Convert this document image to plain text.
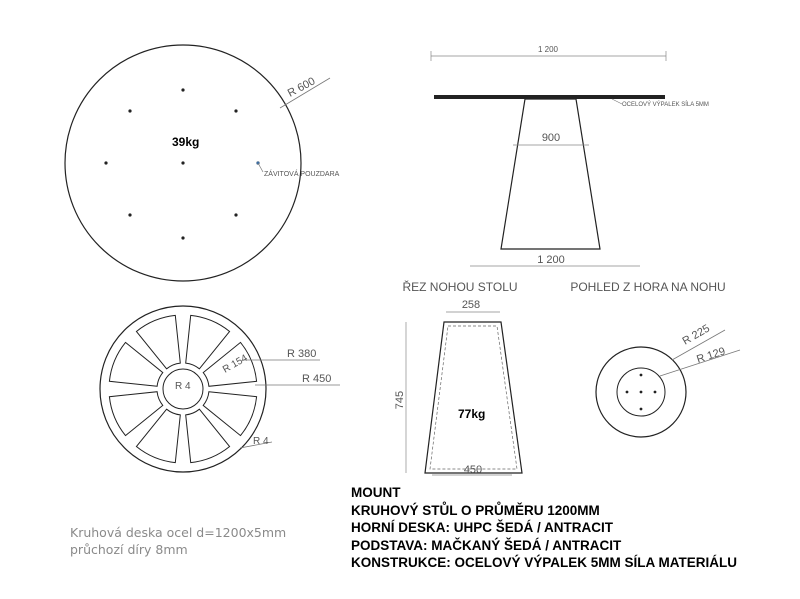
R 600
39kg
ZÁVITOVÁ POUZDARA
R 380
R 450
R 154
R 4
R 4
1 200
OCELOVÝ VÝPALEK SÍLA 5MM
900
1 200
ŘEZ NOHOU STOLU
258
745
77kg
450
POHLED Z HORA NA NOHU
R 225
R 129
Kruhová deska ocel d=1200x5mm
průchozí díry 8mm
MOUNT
KRUHOVÝ STŮL O PRŮMĚRU 1200MM
HORNÍ DESKA: UHPC ŠEDÁ / ANTRACIT
PODSTAVA: MAČKANÝ ŠEDÁ / ANTRACIT
KONSTRUKCE: OCELOVÝ VÝPALEK 5MM SÍLA MATERIÁLU
